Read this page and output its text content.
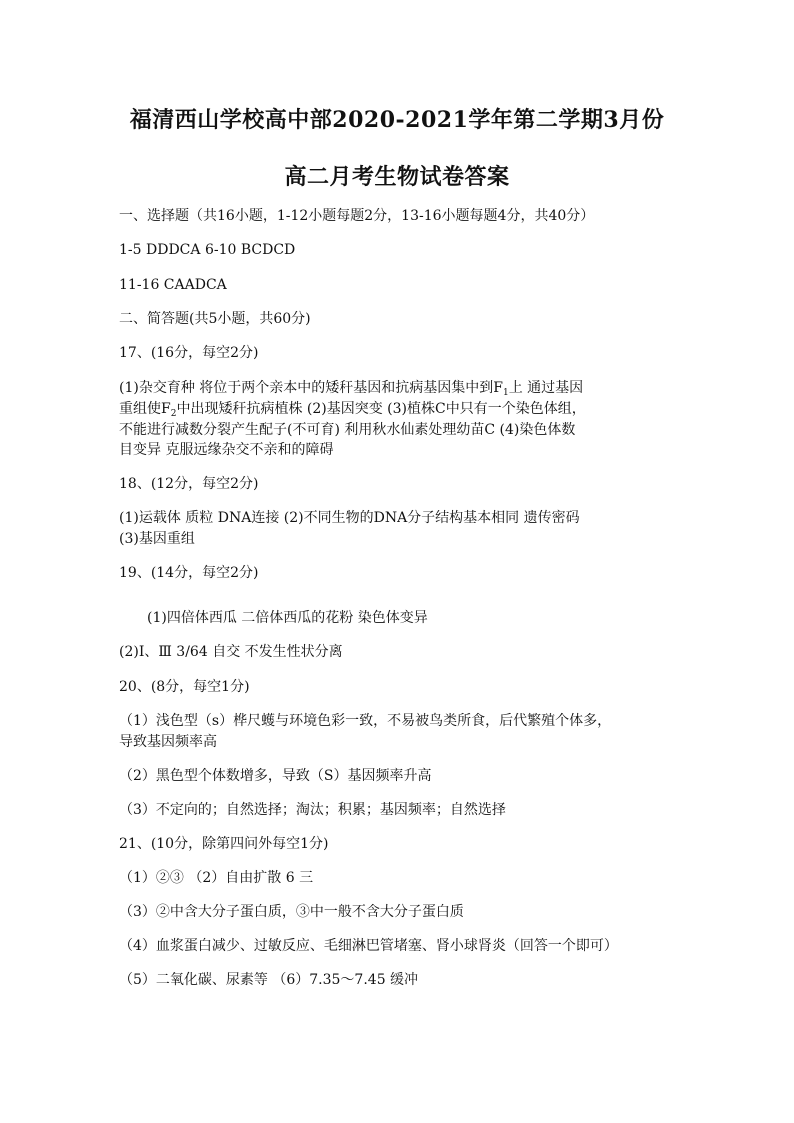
福清西山学校高中部2020-2021学年第二学期3月份
高二月考生物试卷答案
一、选择题（共16小题，1-12小题每题2分，13-16小题每题4分，共40分）
1-5 DDDCA 6-10 BCDCD
11-16 CAADCA
二、简答题(共5小题，共60分)
17、(16分，每空2分)
(1)杂交育种 将位于两个亲本中的矮秆基因和抗病基因集中到$F_1$上 通过基因
重组使$F_2$中出现矮秆抗病植株 (2)基因突变 (3)植株C中只有一个染色体组，
不能进行减数分裂产生配子(不可育) 利用秋水仙素处理幼苗C (4)染色体数
目变异 克服远缘杂交不亲和的障碍
18、(12分，每空2分)
(1)运载体 质粒 DNA连接 (2)不同生物的DNA分子结构基本相同 遗传密码
(3)基因重组
19、(14分，每空2分)
(1)四倍体西瓜 二倍体西瓜的花粉 染色体变异
(2)Ⅰ、Ⅲ 3/64 自交 不发生性状分离
20、(8分，每空1分)
（1）浅色型（s）桦尺蠖与环境色彩一致，不易被鸟类所食，后代繁殖个体多，
导致基因频率高
（2）黑色型个体数增多，导致（S）基因频率升高
（3）不定向的；自然选择；淘汰；积累；基因频率；自然选择
21、(10分，除第四问外每空1分)
（1）②③ （2）自由扩散 6 三
（3）②中含大分子蛋白质，③中一般不含大分子蛋白质
（4）血浆蛋白减少、过敏反应、毛细淋巴管堵塞、肾小球肾炎（回答一个即可）
（5）二氧化碳、尿素等 （6）7.35～7.45 缓冲
